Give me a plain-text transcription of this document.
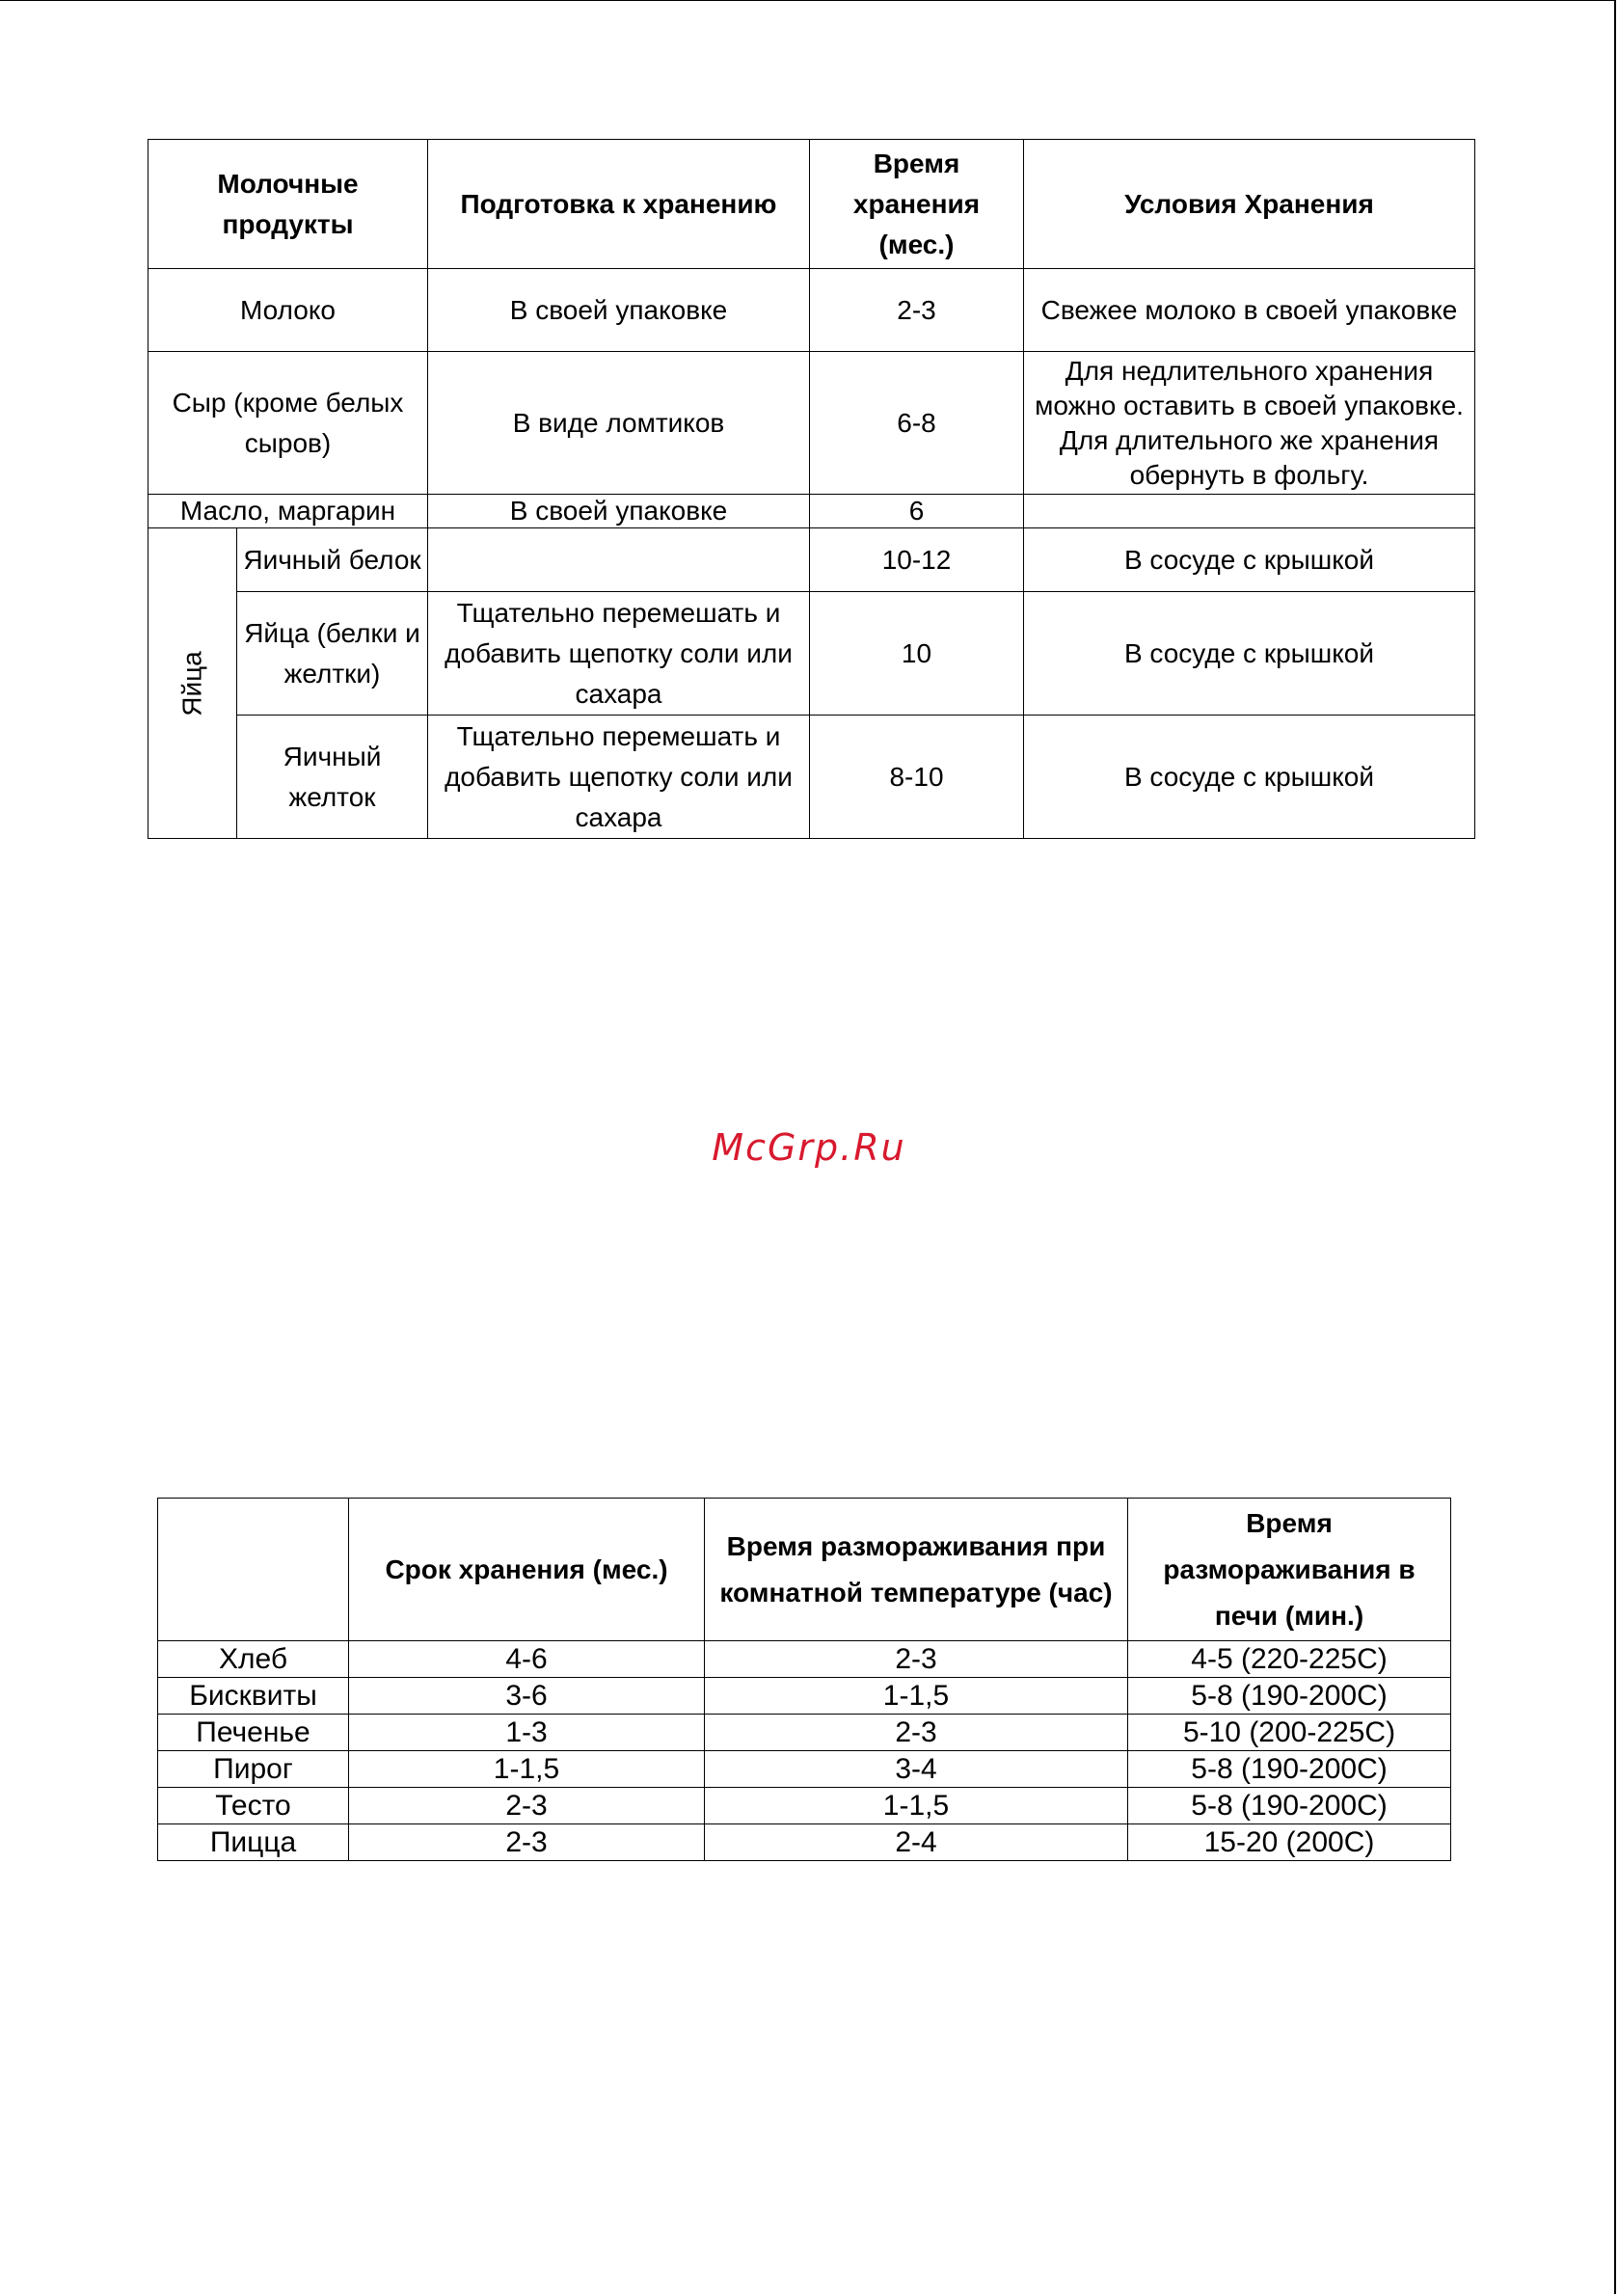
Молочные продукты		Подготовка к хранению	Время хранения (мес.)	Условия Хранения
Молоко		В своей упаковке	2-3	Свежее молоко в своей упаковке
Сыр (кроме белых сыров)		В виде ломтиков	6-8	Для недлительного хранения можно оставить в своей упаковке. Для длительного же хранения обернуть в фольгу.
Масло, маргарин		В своей упаковке	6	
Яйца	Яичный белок		10-12	В сосуде с крышкой
	Яйца (белки и желтки)	Тщательно перемешать и добавить щепотку соли или сахара	10	В сосуде с крышкой
	Яичный желток	Тщательно перемешать и добавить щепотку соли или сахара	8-10	В сосуде с крышкой
McGrp.Ru
	Срок хранения (мес.)	Время размораживания при комнатной температуре (час)	Время размораживания в печи (мин.)
Хлеб	4-6	2-3	4-5 (220-225C)
Бисквиты	3-6	1-1,5	5-8 (190-200C)
Печенье	1-3	2-3	5-10 (200-225C)
Пирог	1-1,5	3-4	5-8 (190-200C)
Тесто	2-3	1-1,5	5-8 (190-200C)
Пицца	2-3	2-4	15-20 (200C)
